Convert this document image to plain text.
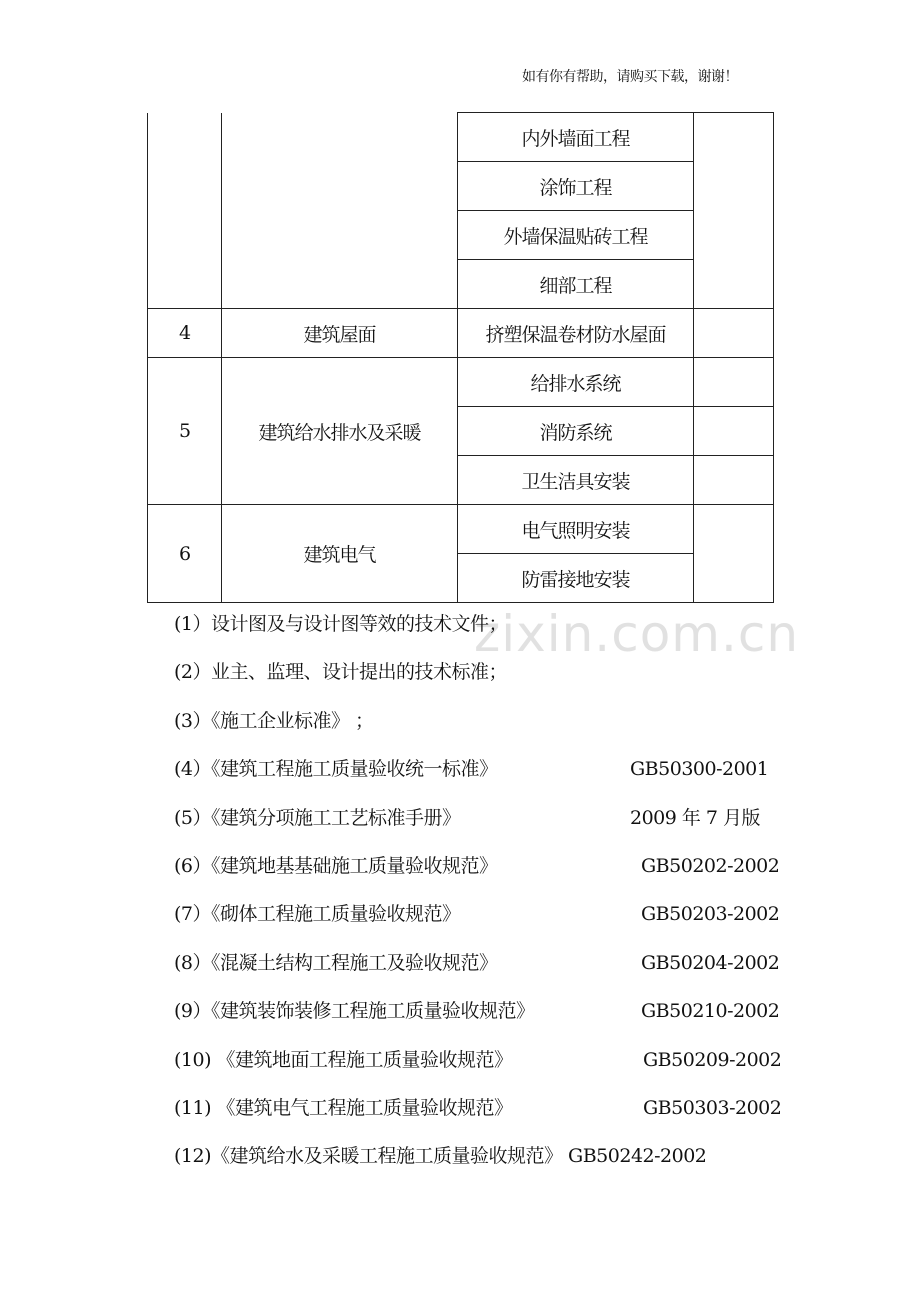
如有你有帮助，请购买下载，谢谢！
		内外墙面工程	
		涂饰工程	
		外墙保温贴砖工程	
		细部工程	
4	建筑屋面	挤塑保温卷材防水屋面	
5	建筑给水排水及采暖	给排水系统	
		消防系统	
		卫生洁具安装	
6	建筑电气	电气照明安装	
		防雷接地安装	
zixin.com.cn
(1）设计图及与设计图等效的技术文件；
(2）业主、监理、设计提出的技术标准；
(3）《施工企业标准》 ；
(4）《建筑工程施工质量验收统一标准》	GB50300-2001
(5）《建筑分项施工工艺标准手册》	2009 年 7 月版
(6）《建筑地基基础施工质量验收规范》	GB50202-2002
(7）《砌体工程施工质量验收规范》	GB50203-2002
(8）《混凝土结构工程施工及验收规范》	GB50204-2002
(9）《建筑装饰装修工程施工质量验收规范》	GB50210-2002
(10) 《建筑地面工程施工质量验收规范》	GB50209-2002
(11) 《建筑电气工程施工质量验收规范》	GB50303-2002
(12)《建筑给水及采暖工程施工质量验收规范》 GB50242-2002
